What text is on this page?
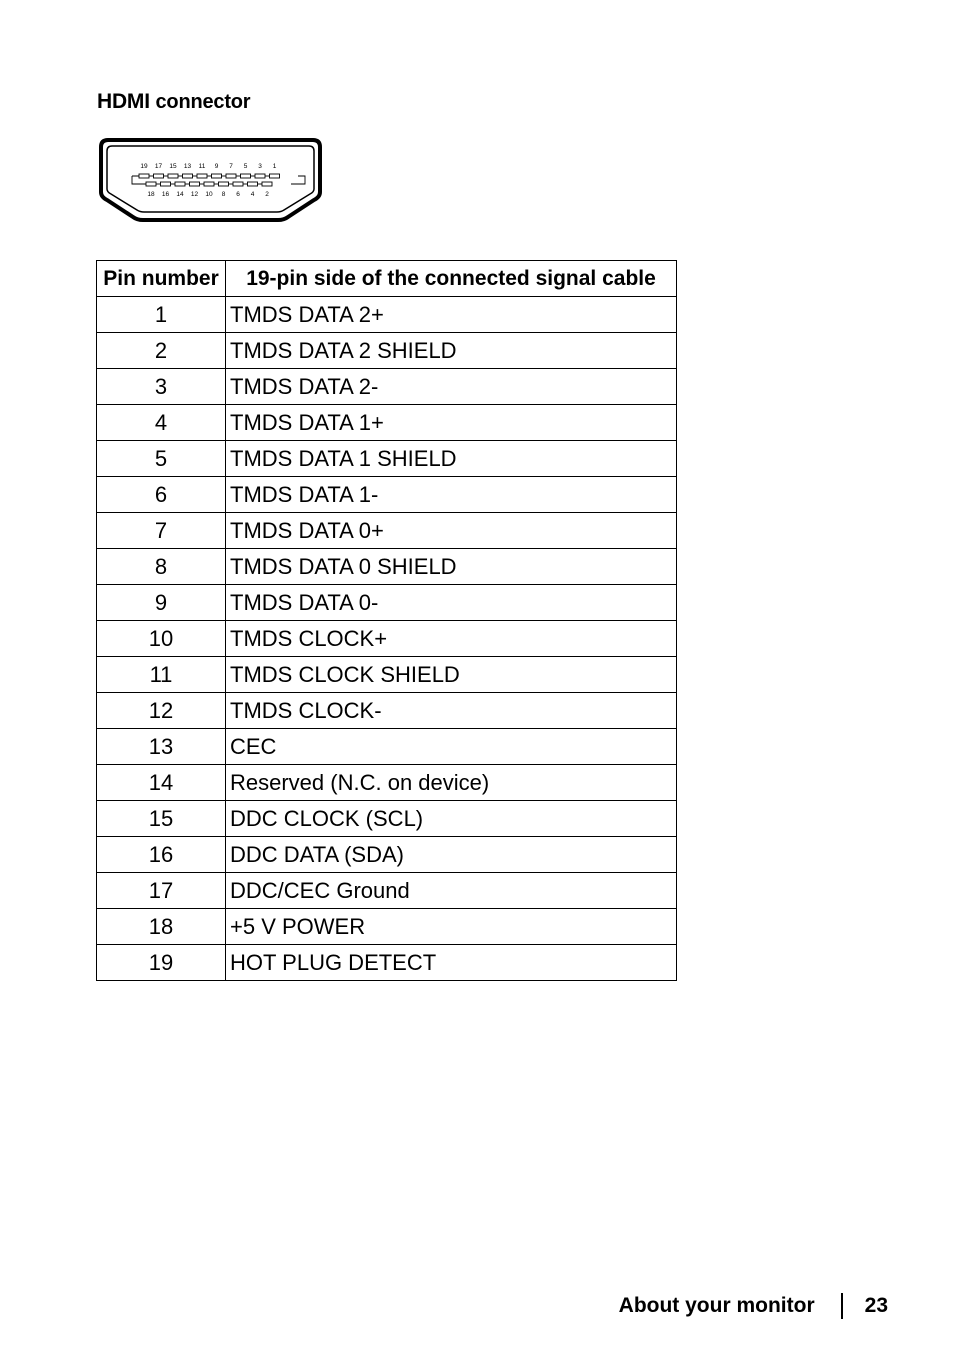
HDMI connector
19 17 15 13 11 9 7 5 3 1
18 16 14 12 10 8 6 4 2
Pin number	19-pin side of the connected signal cable
1	TMDS DATA 2+
2	TMDS DATA 2 SHIELD
3	TMDS DATA 2-
4	TMDS DATA 1+
5	TMDS DATA 1 SHIELD
6	TMDS DATA 1-
7	TMDS DATA 0+
8	TMDS DATA 0 SHIELD
9	TMDS DATA 0-
10	TMDS CLOCK+
11	TMDS CLOCK SHIELD
12	TMDS CLOCK-
13	CEC
14	Reserved (N.C. on device)
15	DDC CLOCK (SCL)
16	DDC DATA (SDA)
17	DDC/CEC Ground
18	+5 V POWER
19	HOT PLUG DETECT
About your monitor 23
